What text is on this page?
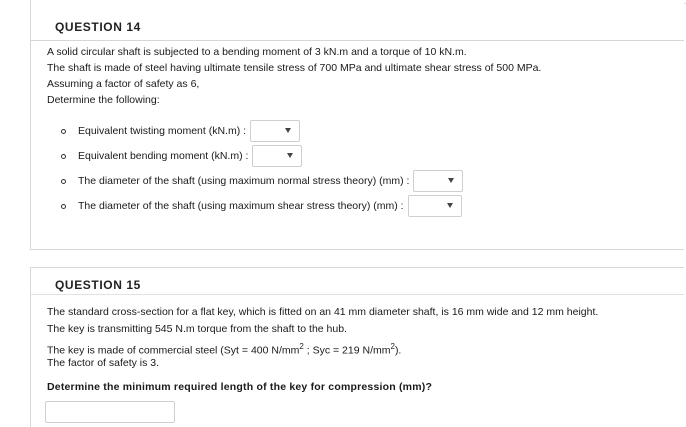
QUESTION 14
A solid circular shaft is subjected to a bending moment of 3 kN.m and a torque of 10 kN.m.
The shaft is made of steel having ultimate tensile stress of 700 MPa and ultimate shear stress of 500 MPa.
Assuming a factor of safety as 6,
Determine the following:
Equivalent twisting moment (kN.m) :
Equivalent bending moment (kN.m) :
The diameter of the shaft (using maximum normal stress theory) (mm) :
The diameter of the shaft (using maximum shear stress theory) (mm) :
QUESTION 15
The standard cross-section for a flat key, which is fitted on an 41 mm diameter shaft, is 16 mm wide and 12 mm height.
The key is transmitting 545 N.m torque from the shaft to the hub.
The key is made of commercial steel (Syt = 400 $N/mm^2$ ; Syc = 219 $N/mm^2$).
The factor of safety is 3.
Determine the minimum required length of the key for compression (mm)?
